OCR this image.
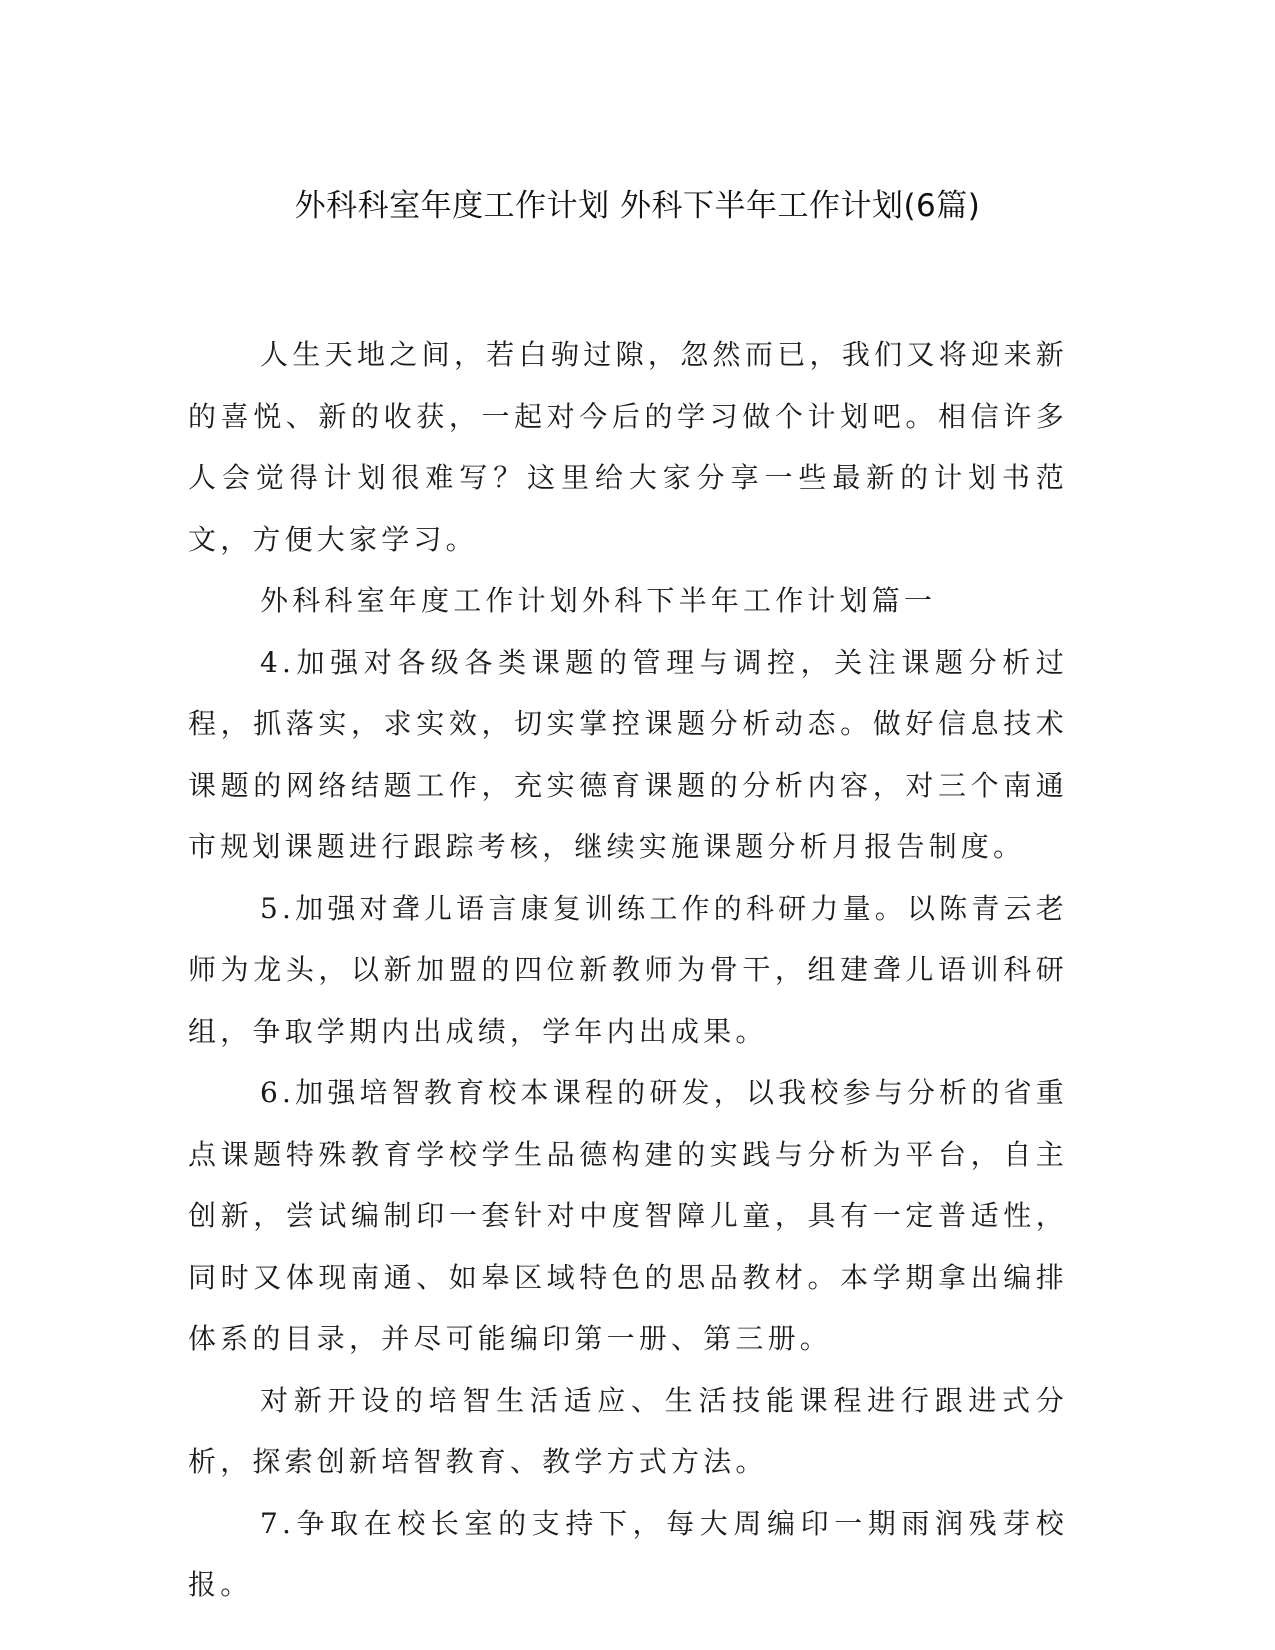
外科科室年度工作计划 外科下半年工作计划(6篇)

人生天地之间，若白驹过隙，忽然而已，我们又将迎来新的喜悦、新的收获，一起对今后的学习做个计划吧。相信许多人会觉得计划很难写？这里给大家分享一些最新的计划书范文，方便大家学习。

外科科室年度工作计划外科下半年工作计划篇一

4.加强对各级各类课题的管理与调控，关注课题分析过程，抓落实，求实效，切实掌控课题分析动态。做好信息技术课题的网络结题工作，充实德育课题的分析内容，对三个南通市规划课题进行跟踪考核，继续实施课题分析月报告制度。

5.加强对聋儿语言康复训练工作的科研力量。以陈青云老师为龙头，以新加盟的四位新教师为骨干，组建聋儿语训科研组，争取学期内出成绩，学年内出成果。

6.加强培智教育校本课程的研发，以我校参与分析的省重点课题特殊教育学校学生品德构建的实践与分析为平台，自主创新，尝试编制印一套针对中度智障儿童，具有一定普适性，同时又体现南通、如皋区域特色的思品教材。本学期拿出编排体系的目录，并尽可能编印第一册、第三册。

对新开设的培智生活适应、生活技能课程进行跟进式分析，探索创新培智教育、教学方式方法。

7.争取在校长室的支持下，每大周编印一期雨润残芽校报。
